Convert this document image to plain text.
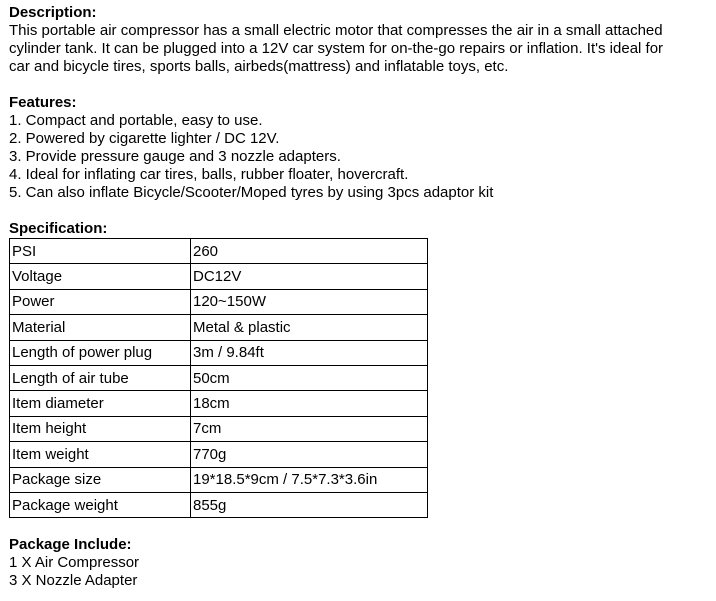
Description:

This portable air compressor has a small electric motor that compresses the air in a small attached

cylinder tank. It can be plugged into a 12V car system for on-the-go repairs or inflation. It's ideal for

car and bicycle tires, sports balls, airbeds(mattress) and inflatable toys, etc.

Features:

1. Compact and portable, easy to use.
2. Powered by cigarette lighter / DC 12V.
3. Provide pressure gauge and 3 nozzle adapters.
4. Ideal for inflating car tires, balls, rubber floater, hovercraft.
5. Can also inflate Bicycle/Scooter/Moped tyres by using 3pcs adaptor kit

Specification:

PSI	260
Voltage	DC12V
Power	120~150W
Material	Metal & plastic
Length of power plug	3m / 9.84ft
Length of air tube	50cm
Item diameter	18cm
Item height	7cm
Item weight	770g
Package size	19*18.5*9cm / 7.5*7.3*3.6in
Package weight	855g

Package Include:

1 X Air Compressor

3 X Nozzle Adapter
